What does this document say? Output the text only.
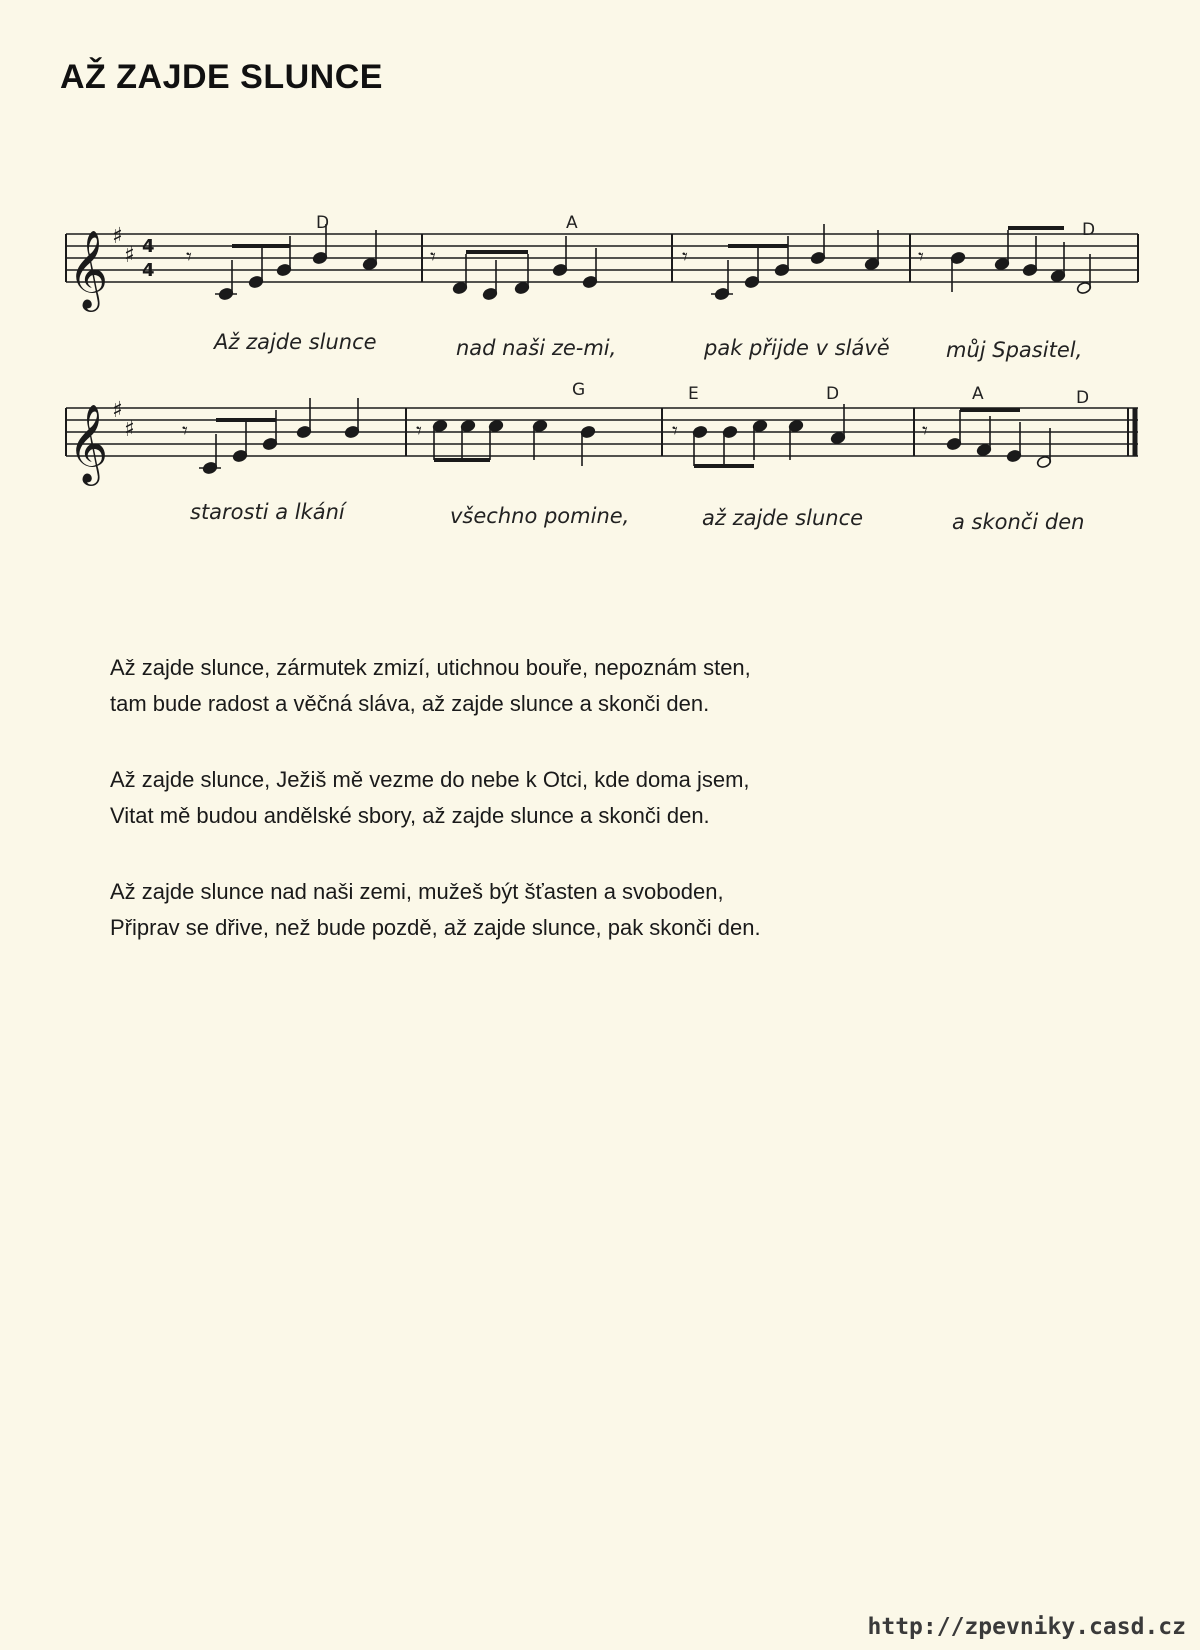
AŽ ZAJDE SLUNCE
𝄞
𝄞
♯
♯
♯
♯
4
4
𝄾	𝄾	𝄾	𝄾
𝄾	𝄾	𝄾	𝄾
D	A	D
G	E	D	A	D
Až zajde slunce	nad naši ze-mi,	pak přijde v slávě	můj Spasitel,
starosti a lkání	všechno pomine,	až zajde slunce	a skonči den
Až zajde slunce, zármutek zmizí, utichnou bouře, nepoznám sten,
tam bude radost a věčná sláva, až zajde slunce a skonči den.
Až zajde slunce, Ježiš mě vezme do nebe k Otci, kde doma jsem,
Vitat mě budou andělské sbory, až zajde slunce a skonči den.
Až zajde slunce nad naši zemi, mužeš být šťasten a svoboden,
Připrav se dřive, než bude pozdě, až zajde slunce, pak skonči den.
http://zpevniky.casd.cz
